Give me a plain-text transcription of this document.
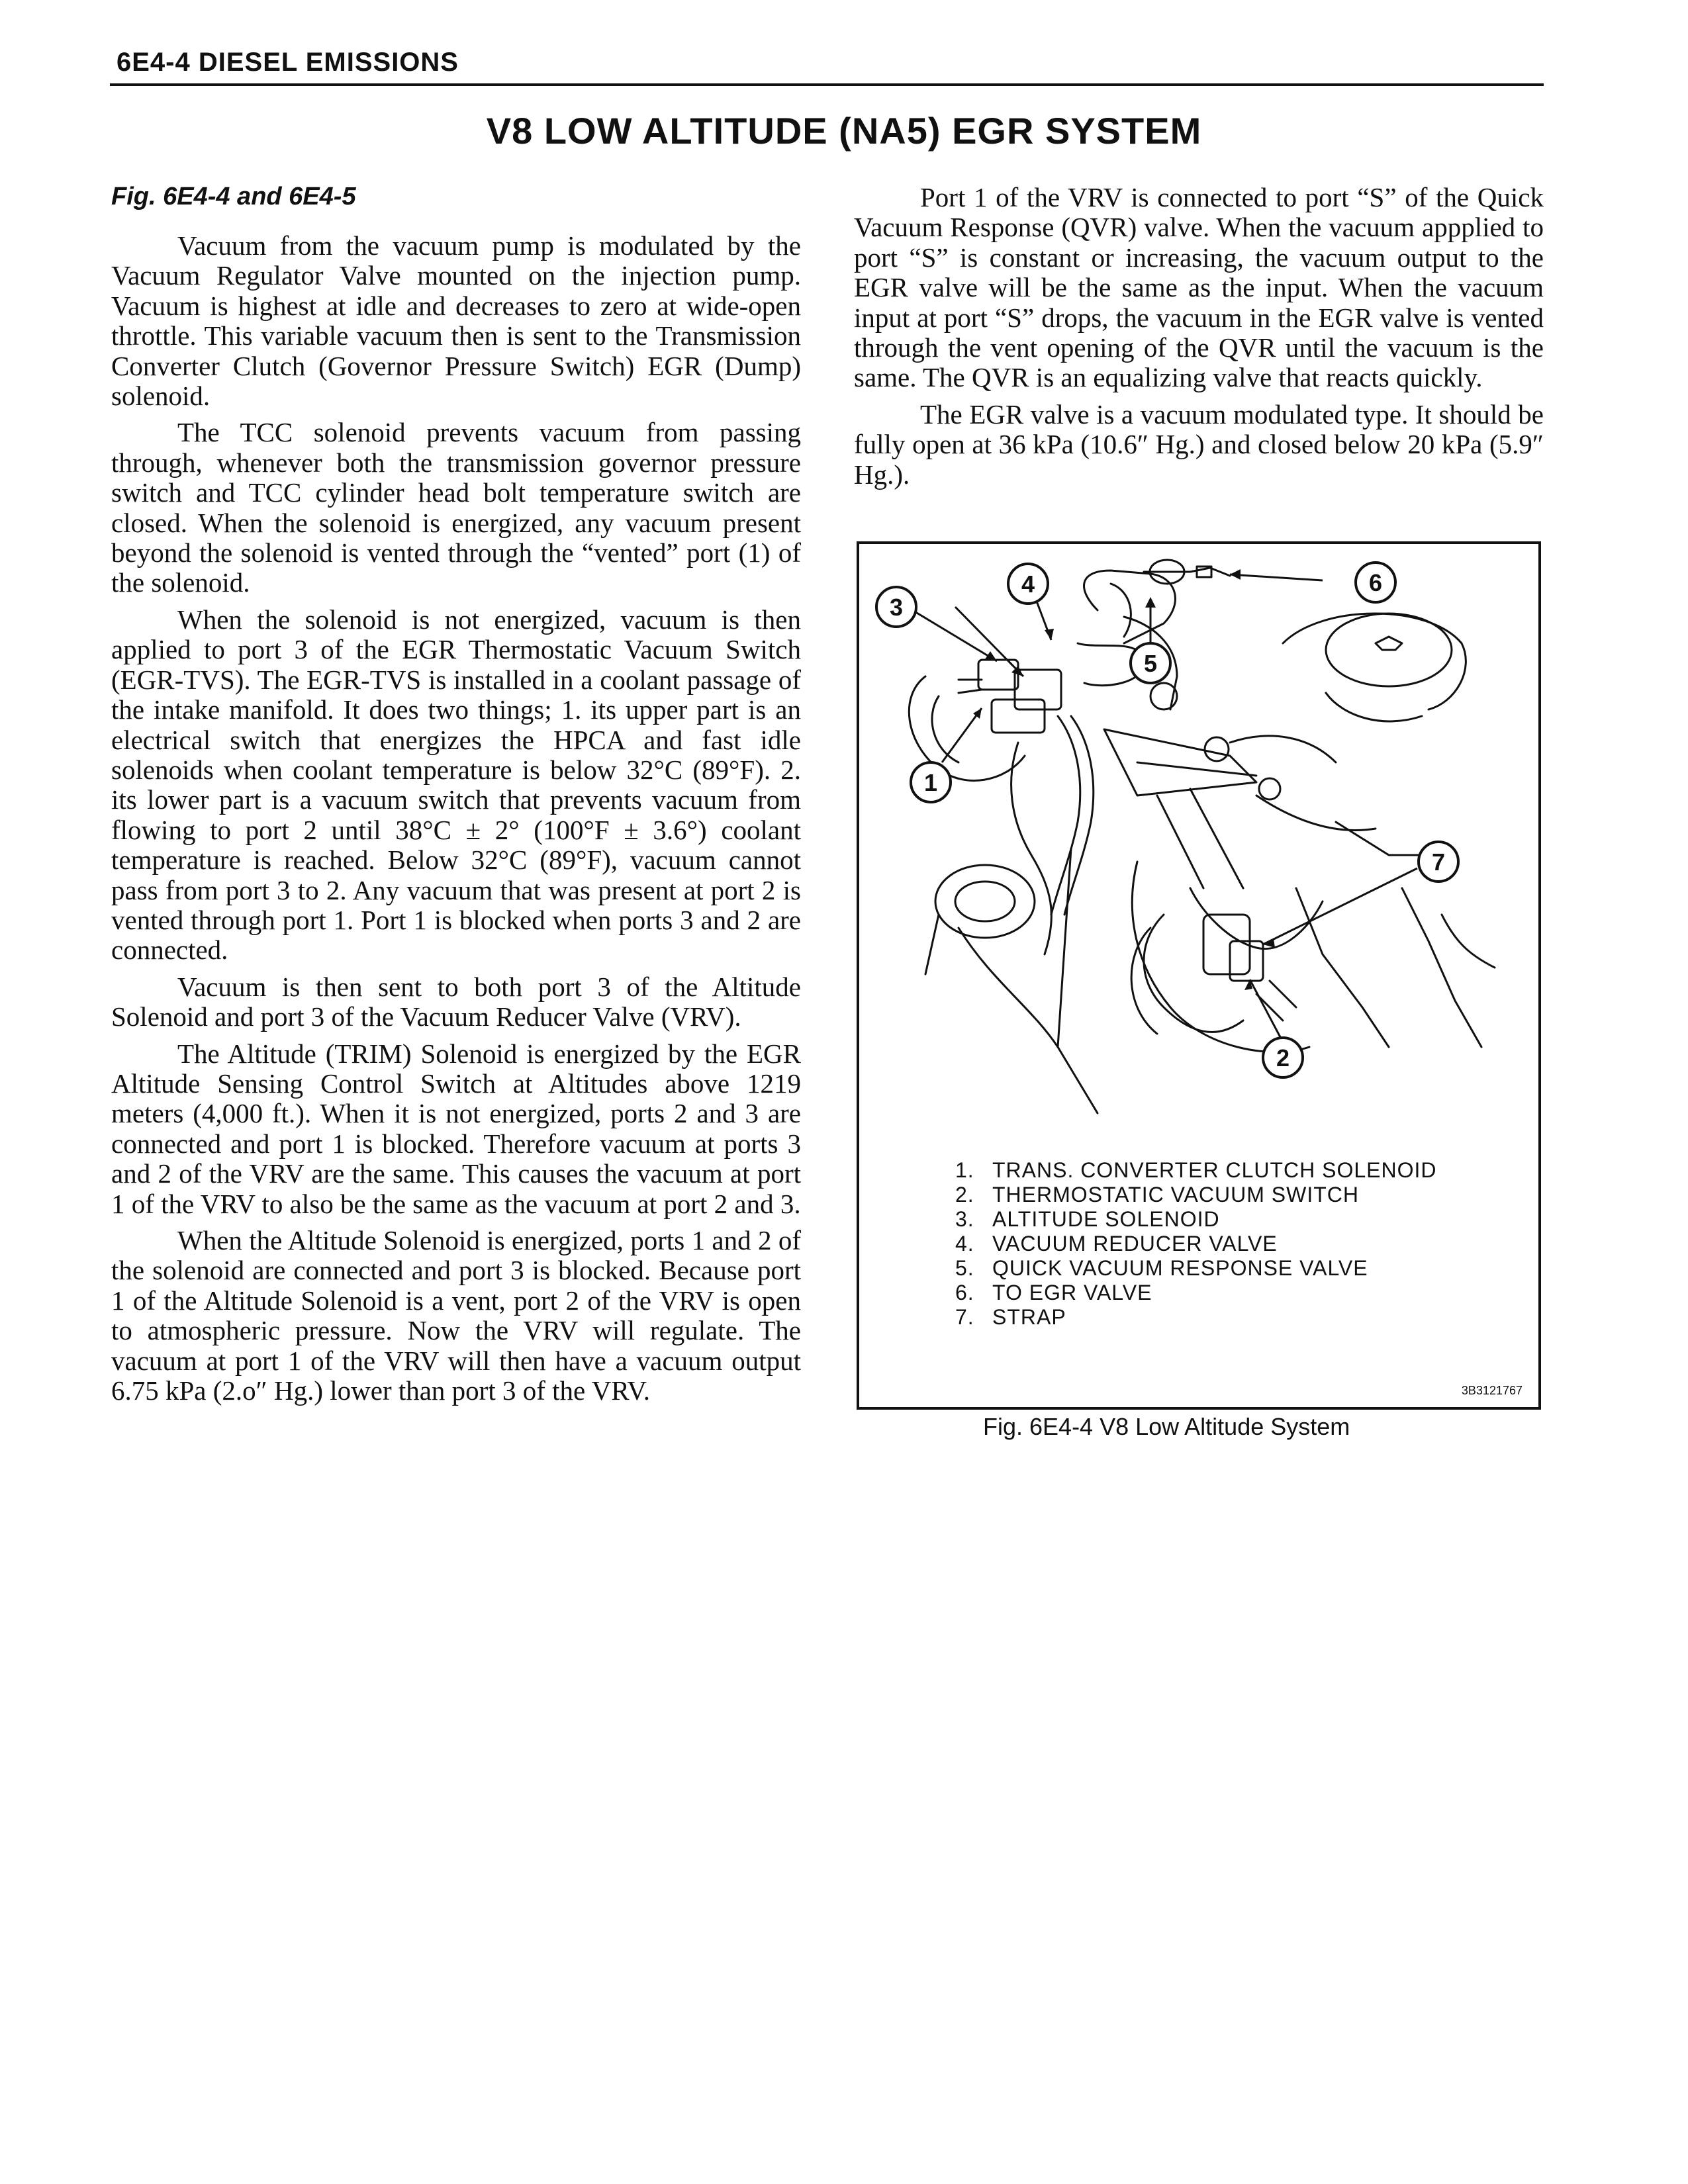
6E4-4 DIESEL EMISSIONS
V8 LOW ALTITUDE (NA5) EGR SYSTEM
Fig. 6E4-4 and 6E4-5

Vacuum from the vacuum pump is modulated by the Vacuum Regulator Valve mounted on the injection pump. Vacuum is highest at idle and decreases to zero at wide-open throttle. This variable vacuum then is sent to the Transmission Converter Clutch (Governor Pressure Switch) EGR (Dump) solenoid.

The TCC solenoid prevents vacuum from passing through, whenever both the transmission governor pressure switch and TCC cylinder head bolt temperature switch are closed. When the solenoid is energized, any vacuum present beyond the solenoid is vented through the “vented” port (1) of the solenoid.

When the solenoid is not energized, vacuum is then applied to port 3 of the EGR Thermostatic Vacuum Switch (EGR-TVS). The EGR-TVS is installed in a coolant passage of the intake manifold. It does two things; 1. its upper part is an electrical switch that energizes the HPCA and fast idle solenoids when coolant temperature is below 32°C (89°F). 2. its lower part is a vacuum switch that prevents vacuum from flowing to port 2 until 38°C ± 2° (100°F ± 3.6°) coolant temperature is reached. Below 32°C (89°F), vacuum cannot pass from port 3 to 2. Any vacuum that was present at port 2 is vented through port 1. Port 1 is blocked when ports 3 and 2 are connected.

Vacuum is then sent to both port 3 of the Altitude Solenoid and port 3 of the Vacuum Reducer Valve (VRV).

The Altitude (TRIM) Solenoid is energized by the EGR Altitude Sensing Control Switch at Altitudes above 1219 meters (4,000 ft.). When it is not energized, ports 2 and 3 are connected and port 1 is blocked. Therefore vacuum at ports 3 and 2 of the VRV are the same. This causes the vacuum at port 1 of the VRV to also be the same as the vacuum at port 2 and 3.

When the Altitude Solenoid is energized, ports 1 and 2 of the solenoid are connected and port 3 is blocked. Because port 1 of the Altitude Solenoid is a vent, port 2 of the VRV is open to atmospheric pressure. Now the VRV will regulate. The vacuum at port 1 of the VRV will then have a vacuum output 6.75 kPa (2.o″ Hg.) lower than port 3 of the VRV.

Port 1 of the VRV is connected to port “S” of the Quick Vacuum Response (QVR) valve. When the vacuum appplied to port “S” is constant or increasing, the vacuum output to the EGR valve will be the same as the input. When the vacuum input at port “S” drops, the vacuum in the EGR valve is vented through the vent opening of the QVR until the vacuum is the same. The QVR is an equalizing valve that reacts quickly.

The EGR valve is a vacuum modulated type. It should be fully open at 36 kPa (10.6″ Hg.) and closed below 20 kPa (5.9″ Hg.).

3
4
5
6
1
7
2
1. TRANS. CONVERTER CLUTCH SOLENOID
2. THERMOSTATIC VACUUM SWITCH
3. ALTITUDE SOLENOID
4. VACUUM REDUCER VALVE
5. QUICK VACUUM RESPONSE VALVE
6. TO EGR VALVE
7. STRAP
3B3121767
Fig. 6E4-4 V8 Low Altitude System
